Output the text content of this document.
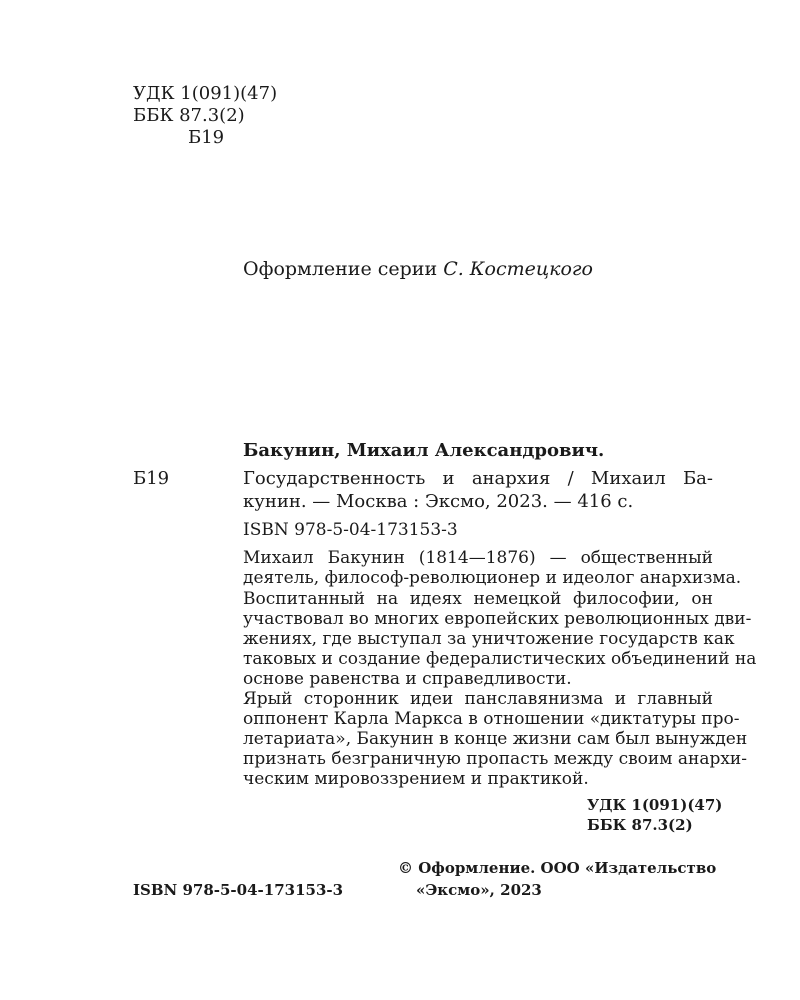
УДК 1(091)(47)
ББК 87.3(2)
Б19
Оформление серии С. Костецкого
Бакунин, Михаил Александрович.
Б19	Государственность и анархия / Михаил Ба-
кунин. — Москва : Эксмо, 2023. — 416 с.
ISBN 978-5-04-173153-3
Михаил Бакунин (1814—1876) — общественный
деятель, философ-революционер и идеолог анархизма.
Воспитанный на идеях немецкой философии, он
участвовал во многих европейских революционных дви-
жениях, где выступал за уничтожение государств как
таковых и создание федералистических объединений на
основе равенства и справедливости.
Ярый сторонник идеи панславянизма и главный
оппонент Карла Маркса в отношении «диктатуры про-
летариата», Бакунин в конце жизни сам был вынужден
признать безграничную пропасть между своим анархи-
ческим мировоззрением и практикой.
УДК 1(091)(47)
ББК 87.3(2)
ISBN 978-5-04-173153-3
© Оформление. ООО «Издательство
«Эксмо», 2023
